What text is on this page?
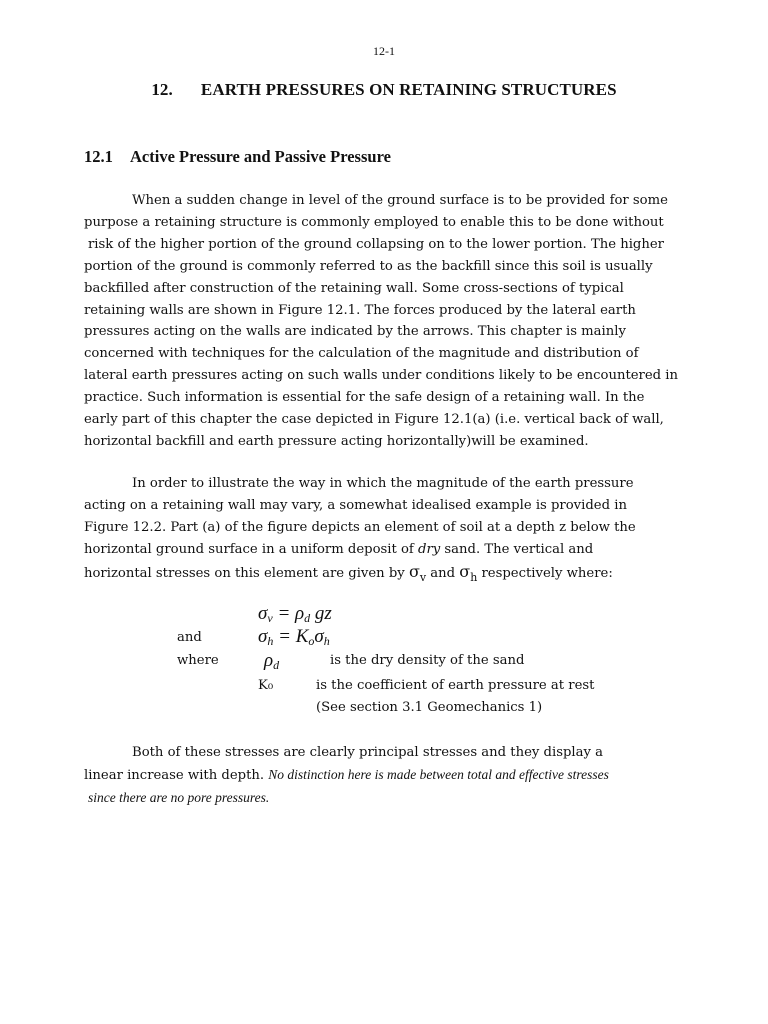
12-1
12. EARTH PRESSURES ON RETAINING STRUCTURES
12.1 Active Pressure and Passive Pressure

When a sudden change in level of the ground surface is to be provided for some
purpose a retaining structure is commonly employed to enable this to be done without
risk of the higher portion of the ground collapsing on to the lower portion. The higher
portion of the ground is commonly referred to as the backfill since this soil is usually
backfilled after construction of the retaining wall. Some cross-sections of typical
retaining walls are shown in Figure 12.1. The forces produced by the lateral earth
pressures acting on the walls are indicated by the arrows. This chapter is mainly
concerned with techniques for the calculation of the magnitude and distribution of
lateral earth pressures acting on such walls under conditions likely to be encountered in
practice. Such information is essential for the safe design of a retaining wall. In the
early part of this chapter the case depicted in Figure 12.1(a) (i.e. vertical back of wall,
horizontal backfill and earth pressure acting horizontally)will be examined.

In order to illustrate the way in which the magnitude of the earth pressure
acting on a retaining wall may vary, a somewhat idealised example is provided in
Figure 12.2. Part (a) of the figure depicts an element of soil at a depth z below the
horizontal ground surface in a uniform deposit of dry sand. The vertical and
horizontal stresses on this element are given by $\sigma_v$ and $\sigma_h$ respectively where:

$\sigma_v = \rho_d$ gz
and	$\sigma_h = K_o\sigma_h$
where $\rho_d$	is the dry density of the sand
K₀	is the coefficient of earth pressure at rest
(See section 3.1 Geomechanics 1)

Both of these stresses are clearly principal stresses and they display a
linear increase with depth. No distinction here is made between total and effective stresses
since there are no pore pressures.
